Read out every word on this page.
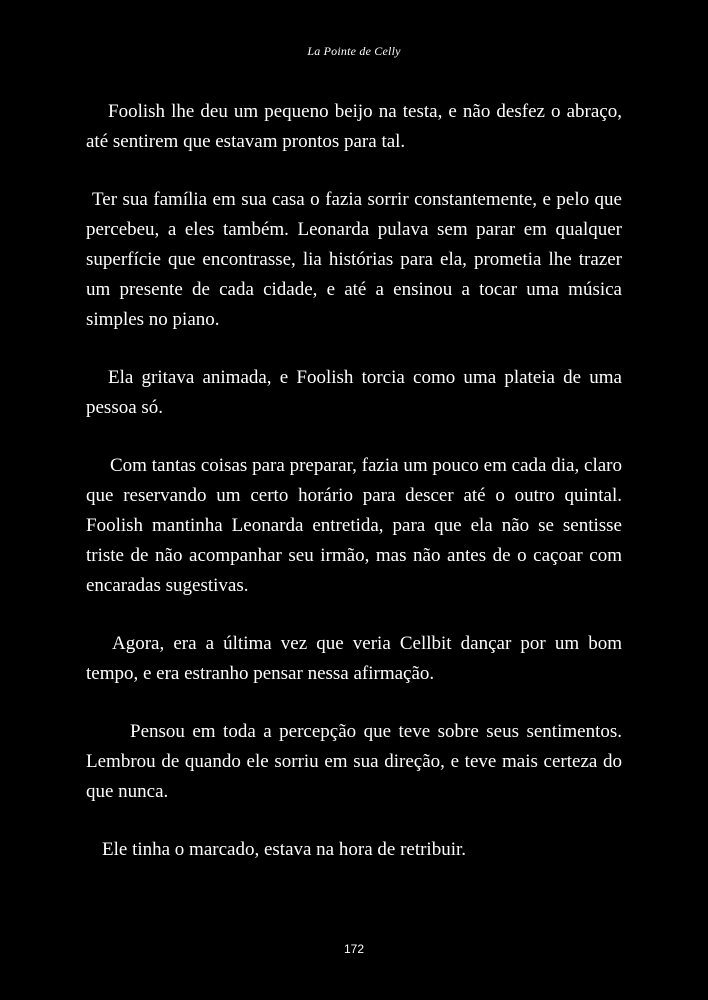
La Pointe de Celly

Foolish lhe deu um pequeno beijo na testa, e não desfez o abraço, até sentirem que estavam prontos para tal.

Ter sua família em sua casa o fazia sorrir constantemente, e pelo que percebeu, a eles também. Leonarda pulava sem parar em qualquer superfície que encontrasse, lia histórias para ela, prometia lhe trazer um presente de cada cidade, e até a ensinou a tocar uma música simples no piano.

Ela gritava animada, e Foolish torcia como uma plateia de uma pessoa só.

Com tantas coisas para preparar, fazia um pouco em cada dia, claro que reservando um certo horário para descer até o outro quintal. Foolish mantinha Leonarda entretida, para que ela não se sentisse triste de não acompanhar seu irmão, mas não antes de o caçoar com encaradas sugestivas.

Agora, era a última vez que veria Cellbit dançar por um bom tempo, e era estranho pensar nessa afirmação.

Pensou em toda a percepção que teve sobre seus sentimentos. Lembrou de quando ele sorriu em sua direção, e teve mais certeza do que nunca.

Ele tinha o marcado, estava na hora de retribuir.

172
